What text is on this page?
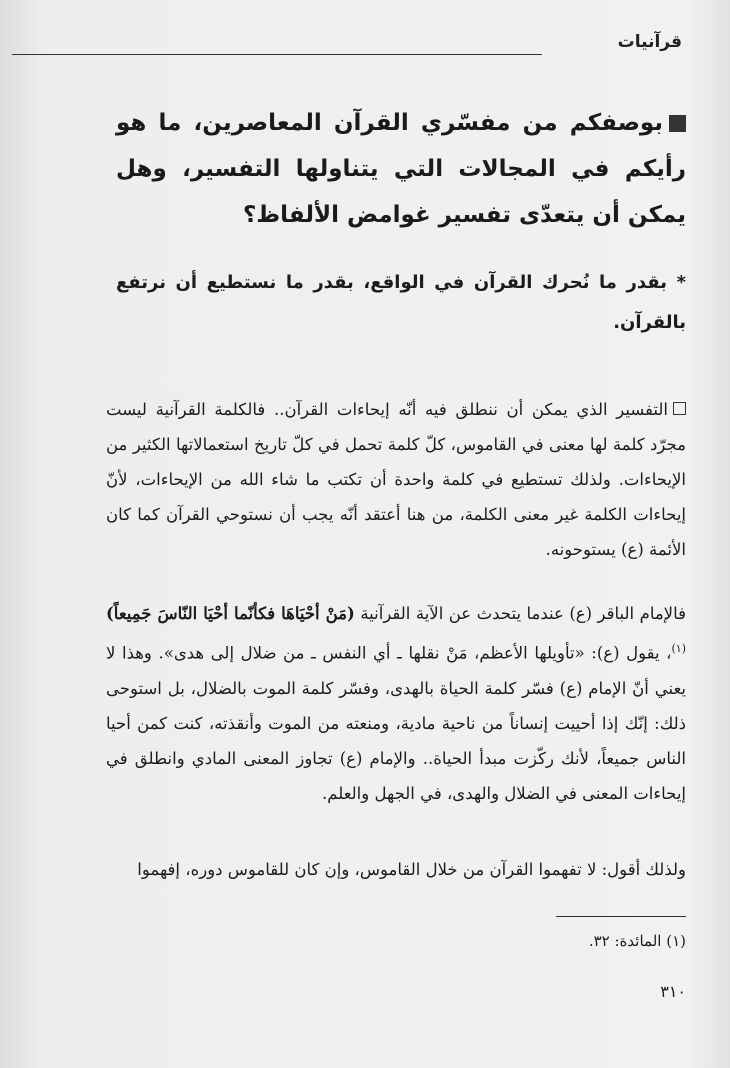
قرآنيات
بوصفكم من مفسّري القرآن المعاصرين، ما هو رأيكم في المجالات التي يتناولها التفسير، وهل يمكن أن يتعدّى تفسير غوامض الألفاظ؟
* بقدر ما نُحرك القرآن في الواقع، بقدر ما نستطيع أن نرتفع بالقرآن.
التفسير الذي يمكن أن ننطلق فيه أنّه إيحاءات القرآن.. فالكلمة القرآنية ليست مجرّد كلمة لها معنى في القاموس، كلّ كلمة تحمل في كلّ تاريخ استعمالاتها الكثير من الإيحاءات. ولذلك تستطيع في كلمة واحدة أن تكتب ما شاء الله من الإيحاءات، لأنّ إيحاءات الكلمة غير معنى الكلمة، من هنا أعتقد أنّه يجب أن نستوحي القرآن كما كان الأئمة (ع) يستوحونه.
فالإمام الباقر (ع) عندما يتحدث عن الآية القرآنية (مَنْ أحْيَاهَا فكأنّما أحْيَا النّاسَ جَمِيعاً)$^{(١)}$، يقول (ع): «تأويلها الأعظم، مَنْ نقلها ـ أي النفس ـ من ضلال إلى هدى». وهذا لا يعني أنّ الإمام (ع) فسّر كلمة الحياة بالهدى، وفسّر كلمة الموت بالضلال، بل استوحى ذلك: إنّك إذا أحييت إنساناً من ناحية مادية، ومنعته من الموت وأنقذته، كنت كمن أحيا الناس جميعاً، لأنك ركّزت مبدأ الحياة.. والإمام (ع) تجاوز المعنى المادي وانطلق في إيحاءات المعنى في الضلال والهدى، في الجهل والعلم.
ولذلك أقول: لا تفهموا القرآن من خلال القاموس، وإن كان للقاموس دوره، إفهموا
(١) المائدة: ٣٢.
٣١٠
